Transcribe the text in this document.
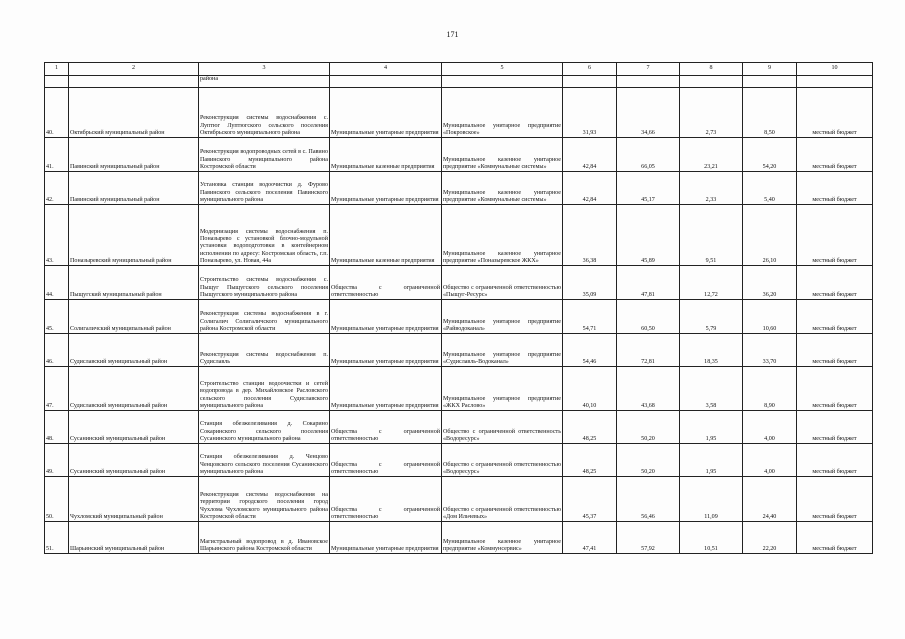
171
1	2	3	4	5	6	7	8	9	10
		района							
40.	Октябрьский муниципальный район	Реконструкция системы водоснабжения с. Луптюг Луптюгского сельского поселения Октябрьского муниципального района	Муниципальные унитарные предприятия	Муниципальное унитарное предприятие «Покровское»	31,93	34,66	2,73	8,50	местный бюджет
41.	Павинский муниципальный район	Реконструкция водопроводных сетей в с. Павино Павинского муниципального района Костромской области	Муниципальные казенные предприятия	Муниципальное казенное унитарное предприятие «Коммунальные системы»	42,84	66,05	23,21	54,20	местный бюджет
42.	Павинский муниципальный район	Установка станции водоочистки д. Фурово Павинского сельского поселения Павинского муниципального района	Муниципальные унитарные предприятия	Муниципальное казенное унитарное предприятие «Коммунальные системы»	42,84	45,17	2,33	5,40	местный бюджет
43.	Поназыревский муниципальный район	Модернизация системы водоснабжения п. Поназырево с установкой блочно-модульной установки водоподготовки в контейнерном исполнении по адресу: Костромская область, г.п. Поназырево, ул. Новая, 44а	Муниципальные казенные предприятия	Муниципальное казенное унитарное предприятие «Поназыревское ЖКХ»	36,38	45,89	9,51	26,10	местный бюджет
44.	Пыщугский муниципальный район	Строительство системы водоснабжения с. Пыщуг Пыщугского сельского поселения Пыщугского муниципального района	Общества с ограниченной ответственностью	Общество с ограниченной ответственностью «Пыщуг-Ресурс»	35,09	47,81	12,72	36,20	местный бюджет
45.	Солигаличский муниципальный район	Реконструкция системы водоснабжения в г. Солигалич Солигаличского муниципального района Костромской области	Муниципальные унитарные предприятия	Муниципальное унитарное предприятие «Райводоканал»	54,71	60,50	5,79	10,60	местный бюджет
46.	Судиславский муниципальный район	Реконструкция системы водоснабжения п. Судиславль	Муниципальные унитарные предприятия	Муниципальное унитарное предприятие «Судиславль-Водоканал»	54,46	72,81	18,35	33,70	местный бюджет
47.	Судиславский муниципальный район	Строительство станции водоочистки и сетей водопровода в дер. Михайловское Расловского сельского поселения Судиславского муниципального района	Муниципальные унитарные предприятия	Муниципальное унитарное предприятие «ЖКХ Раслово»	40,10	43,68	3,58	8,90	местный бюджет
48.	Сусанинский муниципальный район	Станция обезжелезивания д. Сокарино Сокаринского сельского поселения Сусанинского муниципального района	Общества с ограниченной ответственностью	Общество с ограниченной ответственность «Водоресурс»	48,25	50,20	1,95	4,00	местный бюджет
49.	Сусанинский муниципальный район	Станция обезжелезивания д. Ченцово Ченцовского сельского поселения Сусанинского муниципального района	Общества с ограниченной ответственностью	Общество с ограниченной ответственностью «Водоресурс»	48,25	50,20	1,95	4,00	местный бюджет
50.	Чухломский муниципальный район	Реконструкция системы водоснабжения на территории городского поселения город Чухлома Чухломского муниципального района Костромской области	Общества с ограниченной ответственностью	Общество с ограниченной ответственностью «Дом Ильчевых»	45,37	56,46	11,09	24,40	местный бюджет
51.	Шарьинский муниципальный район	Магистральный водопровод в д. Ивановское Шарьинского района Костромской области	Муниципальные унитарные предприятия	Муниципальное казенное унитарное предприятие «Коммунсервис»	47,41	57,92	10,51	22,20	местный бюджет
